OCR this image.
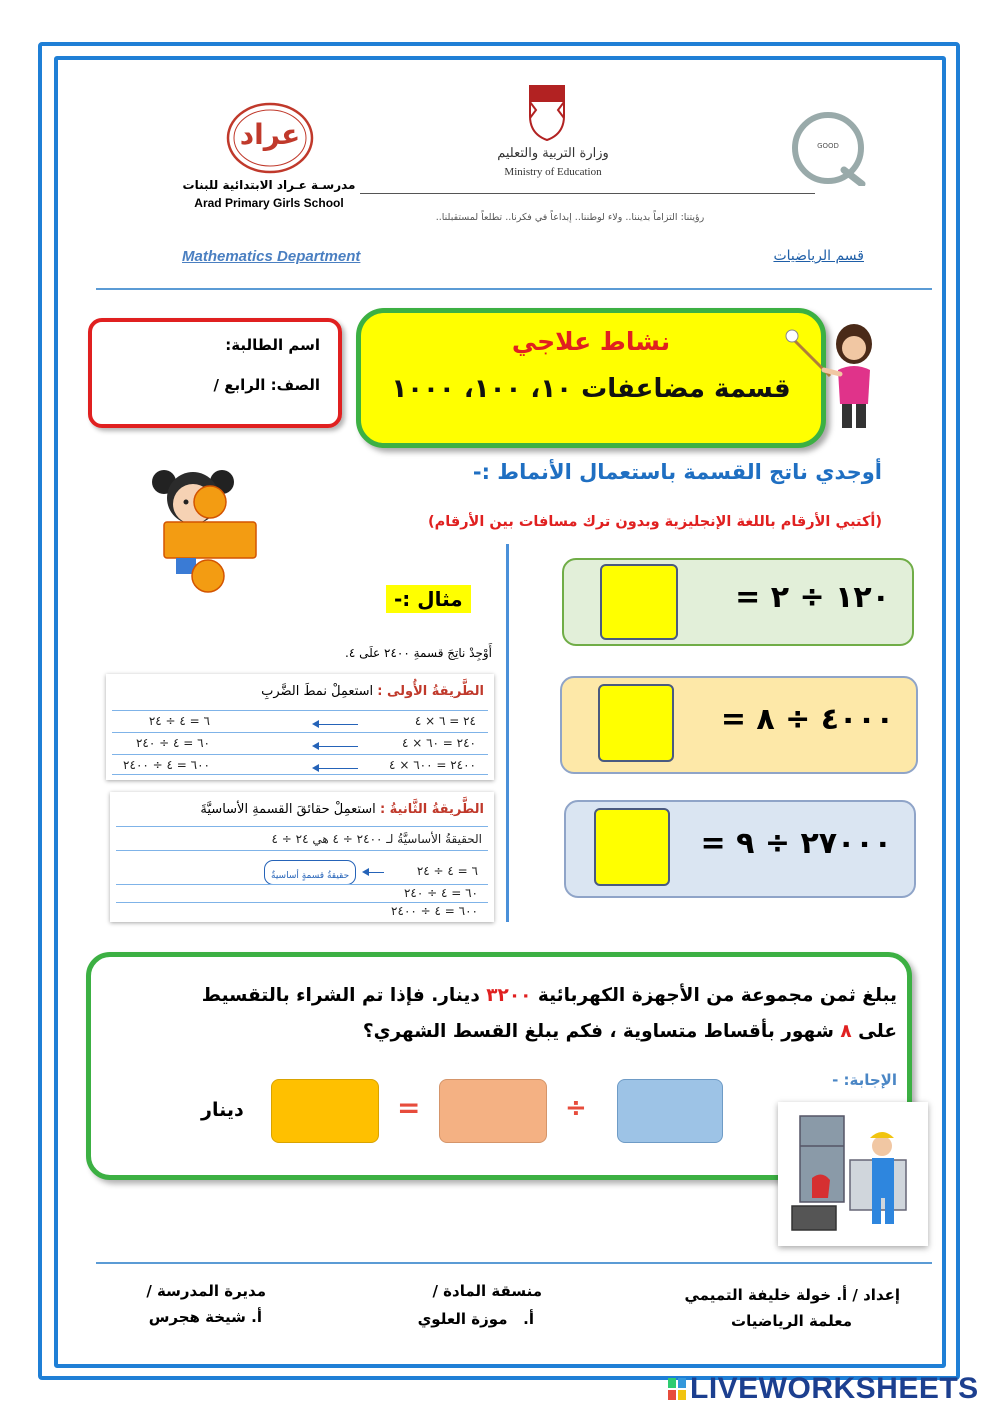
عراد
مدرسـة عـراد الابتدائية للبنات
Arad Primary Girls School
وزارة التربية والتعليم
Ministry of Education
GOOD
رؤيتنا: التزاماً بديننا.. ولاء لوطننا.. إبداعاً في فكرنا.. تطلعاً لمستقبلنا..
Mathematics Department	قسم الرياضيات
اسم الطالبة:
الصف: الرابع /
نشاط علاجي
قسمة مضاعفات ١٠، ١٠٠، ١٠٠٠
أوجدي ناتج القسمة باستعمال الأنماط :-
(أكتبي الأرقام باللغة الإنجليزية وبدون ترك مسافات بين الأرقام)
مثال :-
أَوْجِدْ ناتِجَ قسمةِ ٢٤٠٠ علَى ٤.
الطَّريقةُ الأُولى : استعمِلْ نمطَ الضَّربِ
٦ = ٤ ÷ ٢٤	٢٤ = ٦ × ٤
٦٠ = ٤ ÷ ٢٤٠	٢٤٠ = ٦٠ × ٤
٦٠٠ = ٤ ÷ ٢٤٠٠	٢٤٠٠ = ٦٠٠ × ٤
الطَّريقةُ الثَّانيةُ : استعمِلْ حقائقَ القسمةِ الأساسيَّةَ
الحقيقةُ الأساسيَّةُ لـ ٢٤٠٠ ÷ ٤ هي ٢٤ ÷ ٤
حقيقةُ قسمةٍ أساسيةٌ	٦ = ٤ ÷ ٢٤
٦٠ = ٤ ÷ ٢٤٠
٦٠٠ = ٤ ÷ ٢٤٠٠
١٢٠ ÷ ٢ =
٤٠٠٠ ÷ ٨ =
٢٧٠٠٠ ÷ ٩ =
يبلغ ثمن مجموعة من الأجهزة الكهربائية ٣٢٠٠ دينار. فإذا تم الشراء بالتقسيط
على ٨ شهور بأقساط متساوية ، فكم يبلغ القسط الشهري؟
الإجابة: -
÷
=
دينار
إعداد / أ. خولة خليفة التميمي
معلمة الرياضيات
منسقة المادة /
أ.   موزة العلوي
مديرة المدرسة /
أ. شيخة هجرس
LIVEWORKSHEETS
